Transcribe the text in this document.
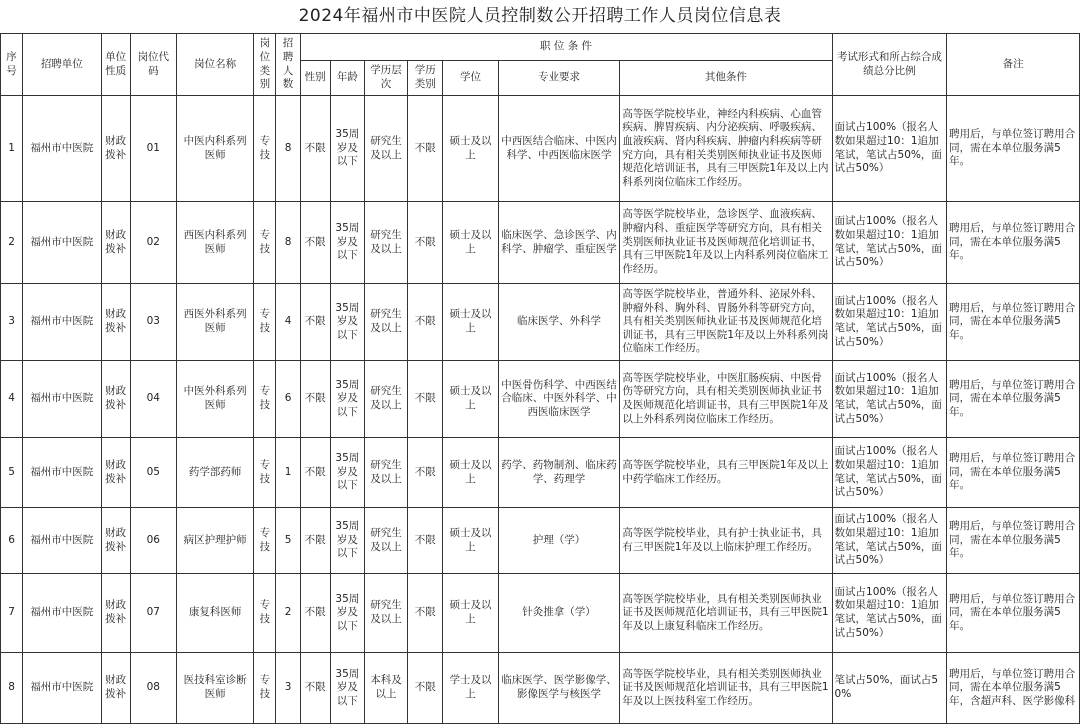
2024年福州市中医院人员控制数公开招聘工作人员岗位信息表
序号	招聘单位	单位性质	岗位代码	岗位名称	岗位类别	招聘人数	职 位 条 件							考试形式和所占综合成绩总分比例	备注
							性别	年龄	学历层次	学历类别	学位	专业要求	其他条件		
1	福州市中医院	财政拨补	01	中医内科系列医师	专技	8	不限	35周岁及以下	研究生及以上	不限	硕士及以上	中西医结合临床、中医内科学、中西医临床医学	高等医学院校毕业，神经内科疾病、心血管疾病、脾胃疾病、内分泌疾病、呼吸疾病、血液疾病、肾内科疾病、肿瘤内科疾病等研究方向，具有相关类别医师执业证书及医师规范化培训证书，具有三甲医院1年及以上内科系列岗位临床工作经历。	面试占100%（报名人数如果超过10：1追加笔试，笔试占50%，面试占50%）	聘用后，与单位签订聘用合同，需在本单位服务满5年。
2	福州市中医院	财政拨补	02	西医内科系列医师	专技	8	不限	35周岁及以下	研究生及以上	不限	硕士及以上	临床医学、急诊医学、内科学、肿瘤学、重症医学	高等医学院校毕业，急诊医学、血液疾病、肿瘤内科、重症医学等研究方向，具有相关类别医师执业证书及医师规范化培训证书，具有三甲医院1年及以上内科系列岗位临床工作经历。	面试占100%（报名人数如果超过10：1追加笔试，笔试占50%，面试占50%）	聘用后，与单位签订聘用合同，需在本单位服务满5年。
3	福州市中医院	财政拨补	03	西医外科系列医师	专技	4	不限	35周岁及以下	研究生及以上	不限	硕士及以上	临床医学、外科学	高等医学院校毕业，普通外科、泌尿外科、肿瘤外科、胸外科、胃肠外科等研究方向，具有相关类别医师执业证书及医师规范化培训证书，具有三甲医院1年及以上外科系列岗位临床工作经历。	面试占100%（报名人数如果超过10：1追加笔试，笔试占50%，面试占50%）	聘用后，与单位签订聘用合同，需在本单位服务满5年。
4	福州市中医院	财政拨补	04	中医外科系列医师	专技	6	不限	35周岁及以下	研究生及以上	不限	硕士及以上	中医骨伤科学、中西医结合临床、中医外科学、中西医临床医学	高等医学院校毕业，中医肛肠疾病、中医骨伤等研究方向，具有相关类别医师执业证书及医师规范化培训证书，具有三甲医院1年及以上外科系列岗位临床工作经历。	面试占100%（报名人数如果超过10：1追加笔试，笔试占50%，面试占50%）	聘用后，与单位签订聘用合同，需在本单位服务满5年。
5	福州市中医院	财政拨补	05	药学部药师	专技	1	不限	35周岁及以下	研究生及以上	不限	硕士及以上	药学、药物制剂、临床药学、药理学	高等医学院校毕业，具有三甲医院1年及以上中药学临床工作经历。	面试占100%（报名人数如果超过10：1追加笔试，笔试占50%，面试占50%）	聘用后，与单位签订聘用合同，需在本单位服务满5年。
6	福州市中医院	财政拨补	06	病区护理护师	专技	5	不限	35周岁及以下	研究生及以上	不限	硕士及以上	护理（学）	高等医学院校毕业，具有护士执业证书，具有三甲医院1年及以上临床护理工作经历。	面试占100%（报名人数如果超过10：1追加笔试，笔试占50%，面试占50%）	聘用后，与单位签订聘用合同，需在本单位服务满5年。
7	福州市中医院	财政拨补	07	康复科医师	专技	2	不限	35周岁及以下	研究生及以上	不限	硕士及以上	针灸推拿（学）	高等医学院校毕业，具有相关类别医师执业证书及医师规范化培训证书，具有三甲医院1年及以上康复科临床工作经历。	面试占100%（报名人数如果超过10：1追加笔试，笔试占50%，面试占50%）	聘用后，与单位签订聘用合同，需在本单位服务满5年。
8	福州市中医院	财政拨补	08	医技科室诊断医师	专技	3	不限	35周岁及以下	本科及以上	不限	学士及以上	临床医学、医学影像学、影像医学与核医学	高等医学院校毕业，具有相关类别医师执业证书及医师规范化培训证书，具有三甲医院1年及以上医技科室工作经历。	笔试占50%，面试占50%	聘用后，与单位签订聘用合同，需在本单位服务满5年，含超声科、医学影像科
